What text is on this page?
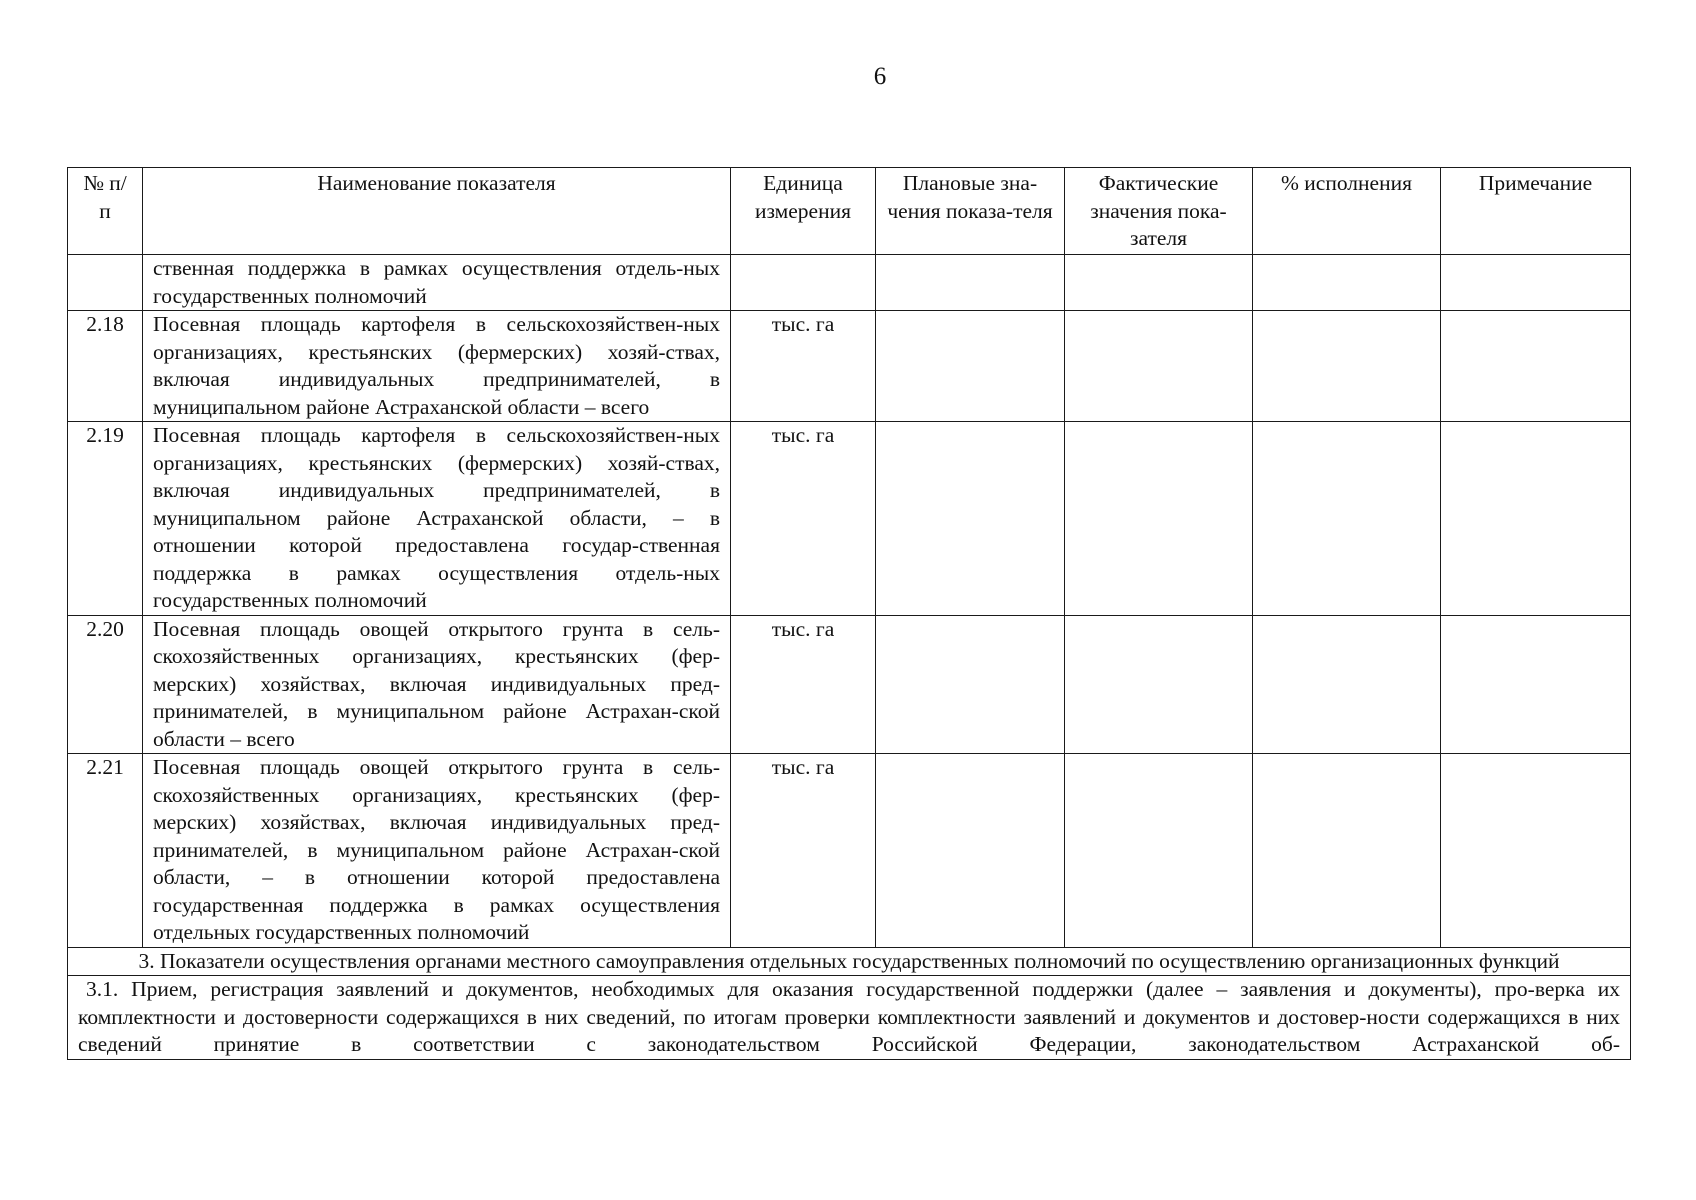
6
№ п/п	Наименование показателя	Единица измерения	Плановые зна-чения показа-теля	Фактические значения пока-зателя	% исполнения	Примечание
	ственная поддержка в рамках осуществления отдель-ных государственных полномочий					
2.18	Посевная площадь картофеля в сельскохозяйствен-ных организациях, крестьянских (фермерских) хозяй-ствах, включая индивидуальных предпринимателей, в муниципальном районе Астраханской области – всего	тыс. га				
2.19	Посевная площадь картофеля в сельскохозяйствен-ных организациях, крестьянских (фермерских) хозяй-ствах, включая индивидуальных предпринимателей, в муниципальном районе Астраханской области, – в отношении которой предоставлена государ-ственная поддержка в рамках осуществления отдель-ных государственных полномочий	тыс. га				
2.20	Посевная площадь овощей открытого грунта в сель-скохозяйственных организациях, крестьянских (фер-мерских) хозяйствах, включая индивидуальных пред-принимателей, в муниципальном районе Астрахан-ской области – всего	тыс. га				
2.21	Посевная площадь овощей открытого грунта в сель-скохозяйственных организациях, крестьянских (фер-мерских) хозяйствах, включая индивидуальных пред-принимателей, в муниципальном районе Астрахан-ской области, – в отношении которой предоставлена государственная поддержка в рамках осуществления отдельных государственных полномочий	тыс. га				
3. Показатели осуществления органами местного самоуправления отдельных государственных полномочий по осуществлению организационных функций						
3.1. Прием, регистрация заявлений и документов, необходимых для оказания государственной поддержки (далее – заявления и документы), про-верка их комплектности и достоверности содержащихся в них сведений, по итогам проверки комплектности заявлений и документов и достовер-ности содержащихся в них сведений принятие в соответствии с законодательством Российской Федерации, законодательством Астраханской об-						
